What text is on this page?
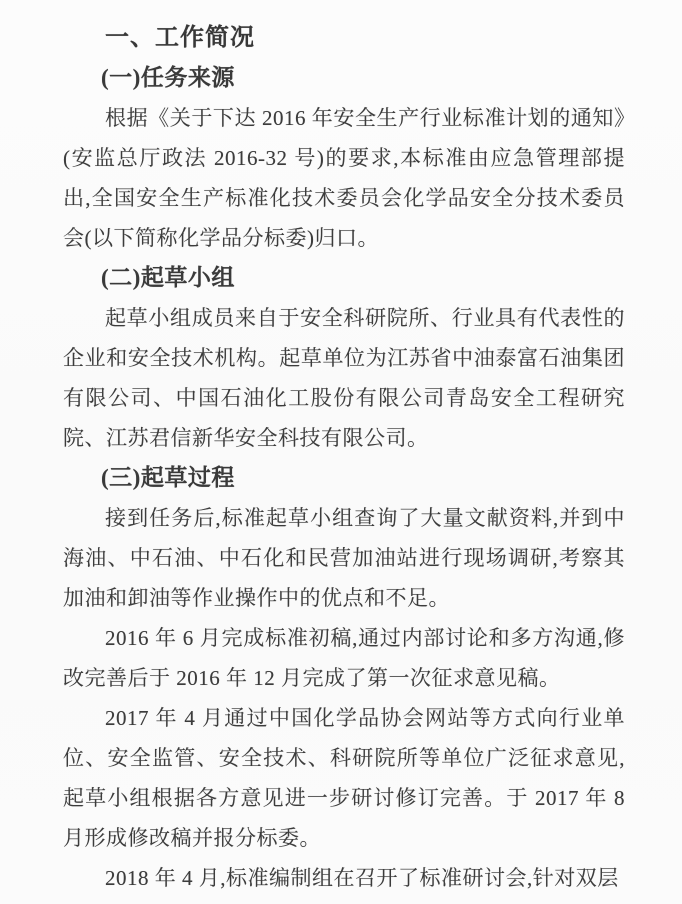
一、工作简况
(一)任务来源

根据《关于下达 2016 年安全生产行业标准计划的通知》(安监总厅政法 2016-32 号)的要求,本标准由应急管理部提出,全国安全生产标准化技术委员会化学品安全分技术委员会(以下简称化学品分标委)归口。

(二)起草小组

起草小组成员来自于安全科研院所、行业具有代表性的企业和安全技术机构。起草单位为江苏省中油泰富石油集团有限公司、中国石油化工股份有限公司青岛安全工程研究院、江苏君信新华安全科技有限公司。

(三)起草过程

接到任务后,标准起草小组查询了大量文献资料,并到中海油、中石油、中石化和民营加油站进行现场调研,考察其加油和卸油等作业操作中的优点和不足。

2016 年 6 月完成标准初稿,通过内部讨论和多方沟通,修改完善后于 2016 年 12 月完成了第一次征求意见稿。

2017 年 4 月通过中国化学品协会网站等方式向行业单位、安全监管、安全技术、科研院所等单位广泛征求意见,起草小组根据各方意见进一步研讨修订完善。于 2017 年 8 月形成修改稿并报分标委。

2018 年 4 月,标准编制组在召开了标准研讨会,针对双层
